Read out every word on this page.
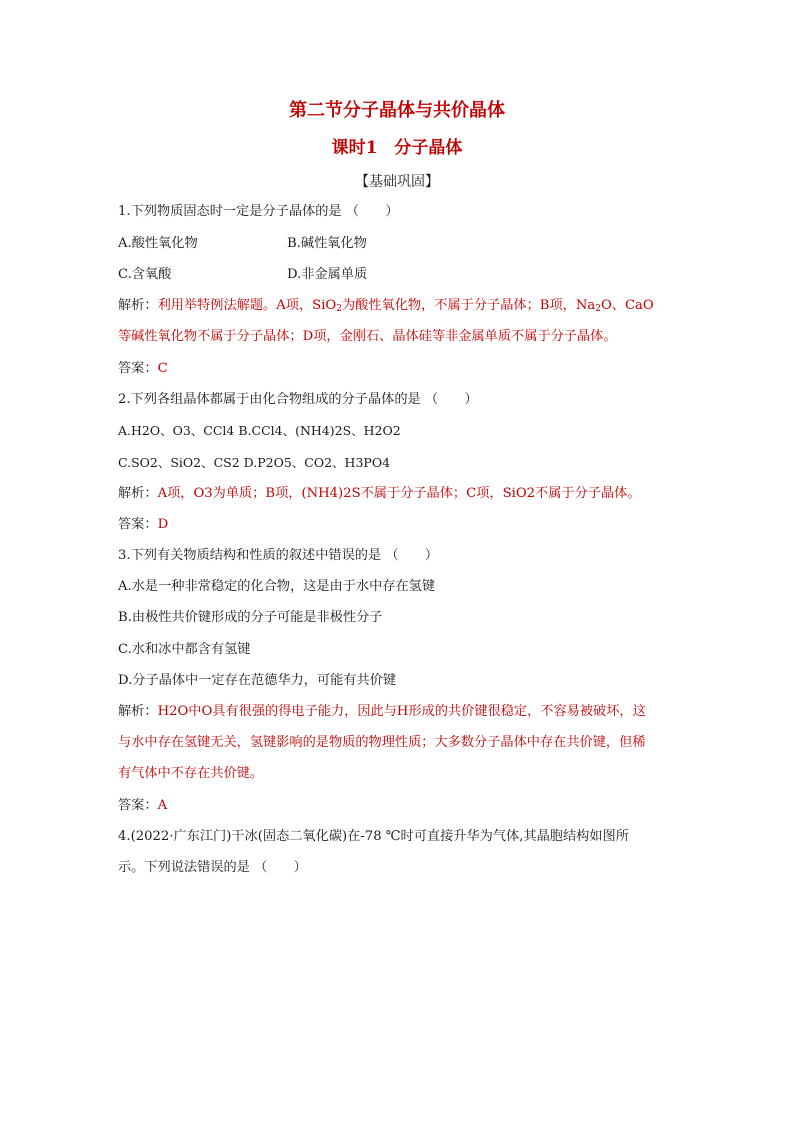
第二节分子晶体与共价晶体
课时1　分子晶体
【基础巩固】
1.下列物质固态时一定是分子晶体的是 （　　）
A.酸性氧化物	B.碱性氧化物
C.含氧酸	D.非金属单质
解析：利用举特例法解题。A项，SiO$_2$为酸性氧化物，不属于分子晶体；B项，$Na_2O$、CaO
等碱性氧化物不属于分子晶体；D项，金刚石、晶体硅等非金属单质不属于分子晶体。
答案：C
2.下列各组晶体都属于由化合物组成的分子晶体的是 （　　）
A.H2O、O3、CCl4 B.CCl4、(NH4)2S、H2O2
C.SO2、SiO2、CS2 D.P2O5、CO2、H3PO4
解析：A项，O3为单质；B项，(NH4)2S不属于分子晶体；C项，SiO2不属于分子晶体。
答案：D
3.下列有关物质结构和性质的叙述中错误的是 （　　）
A.水是一种非常稳定的化合物，这是由于水中存在氢键
B.由极性共价键形成的分子可能是非极性分子
C.水和冰中都含有氢键
D.分子晶体中一定存在范德华力，可能有共价键
解析：H2O中O具有很强的得电子能力，因此与H形成的共价键很稳定，不容易被破坏，这
与水中存在氢键无关，氢键影响的是物质的物理性质；大多数分子晶体中存在共价键，但稀
有气体中不存在共价键。
答案：A
4.(2022·广东江门)干冰(固态二氧化碳)在-78 ℃时可直接升华为气体,其晶胞结构如图所
示。下列说法错误的是 （　　）
